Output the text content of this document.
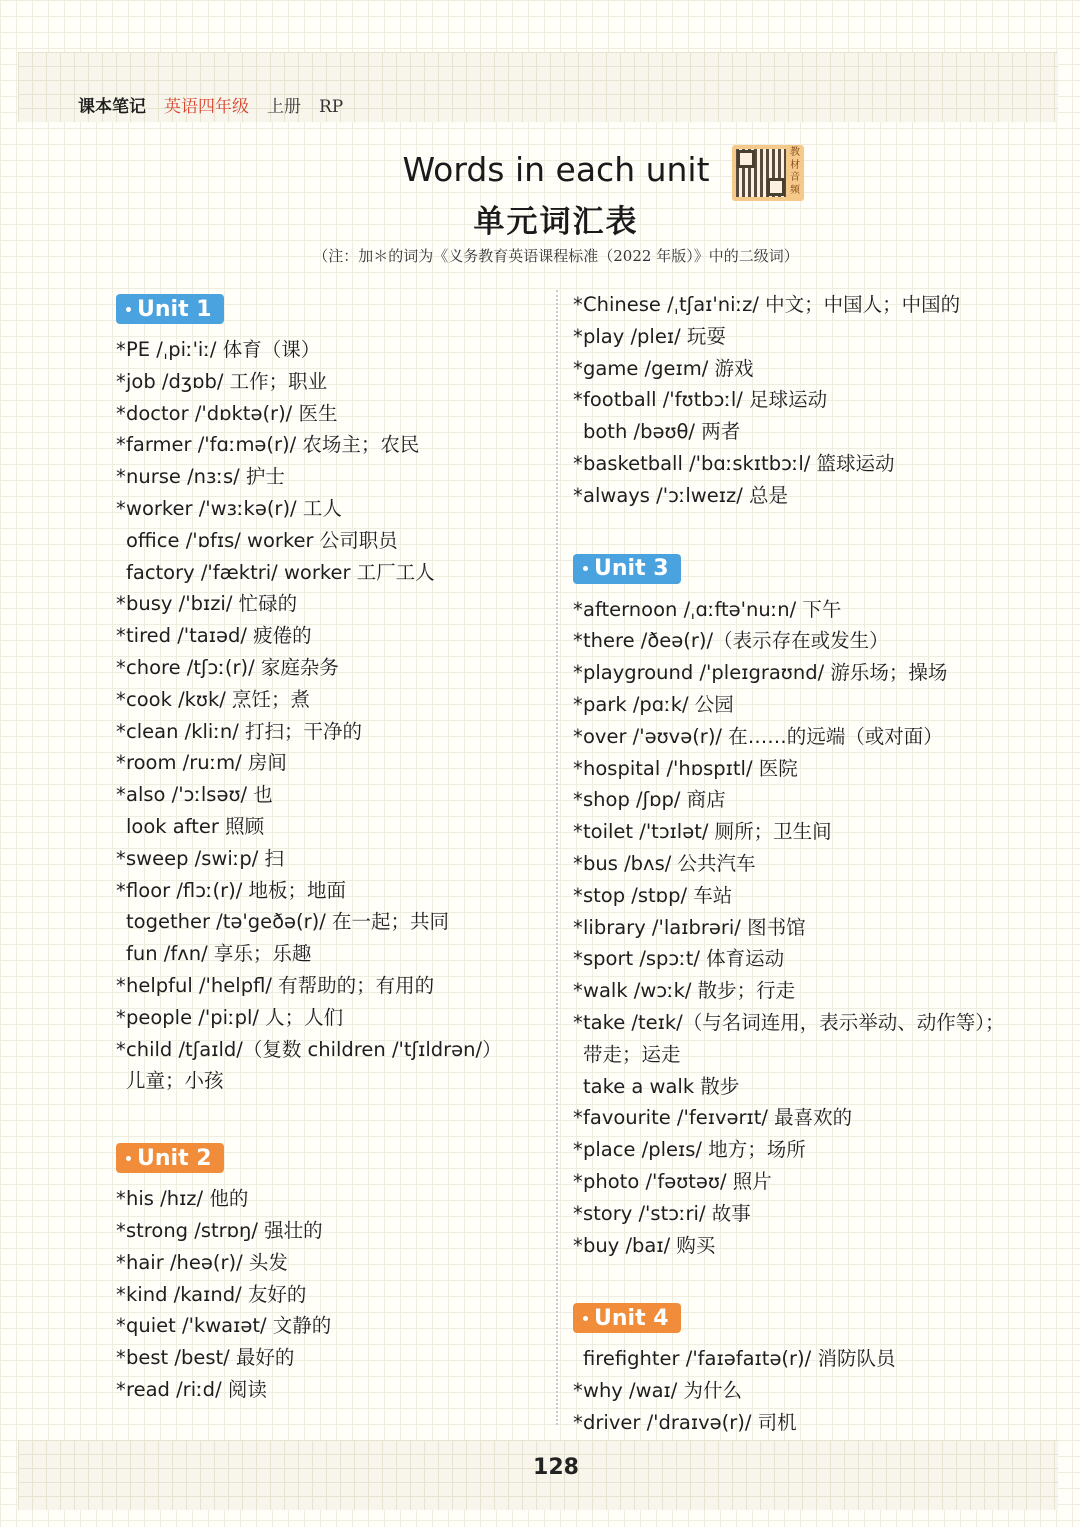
课本笔记 英语四年级 上册 RP
Words in each unit
单元词汇表
（注：加＊的词为《义务教育英语课程标准（2022 年版）》中的二级词）
教材音频
Unit 1
*PE /ˌpiː'iː/ 体育（课）
*job /dʒɒb/ 工作；职业
*doctor /'dɒktə(r)/ 医生
*farmer /'fɑːmə(r)/ 农场主；农民
*nurse /nɜːs/ 护士
*worker /'wɜːkə(r)/ 工人
office /'ɒfɪs/ worker 公司职员
factory /'fæktri/ worker 工厂工人
*busy /'bɪzi/ 忙碌的
*tired /'taɪəd/ 疲倦的
*chore /tʃɔː(r)/ 家庭杂务
*cook /kʊk/ 烹饪；煮
*clean /kliːn/ 打扫；干净的
*room /ruːm/ 房间
*also /'ɔːlsəʊ/ 也
look after 照顾
*sweep /swiːp/ 扫
*floor /flɔː(r)/ 地板；地面
together /tə'geðə(r)/ 在一起；共同
fun /fʌn/ 享乐；乐趣
*helpful /'helpfl/ 有帮助的；有用的
*people /'piːpl/ 人；人们
*child /tʃaɪld/（复数 children /'tʃɪldrən/）
儿童；小孩
Unit 2
*his /hɪz/ 他的
*strong /strɒŋ/ 强壮的
*hair /heə(r)/ 头发
*kind /kaɪnd/ 友好的
*quiet /'kwaɪət/ 文静的
*best /best/ 最好的
*read /riːd/ 阅读
*Chinese /ˌtʃaɪ'niːz/ 中文；中国人；中国的
*play /pleɪ/ 玩耍
*game /geɪm/ 游戏
*football /'fʊtbɔːl/ 足球运动
both /bəʊθ/ 两者
*basketball /'bɑːskɪtbɔːl/ 篮球运动
*always /'ɔːlweɪz/ 总是
Unit 3
*afternoon /ˌɑːftə'nuːn/ 下午
*there /ðeə(r)/（表示存在或发生）
*playground /'pleɪgraʊnd/ 游乐场；操场
*park /pɑːk/ 公园
*over /'əʊvə(r)/ 在……的远端（或对面）
*hospital /'hɒspɪtl/ 医院
*shop /ʃɒp/ 商店
*toilet /'tɔɪlət/ 厕所；卫生间
*bus /bʌs/ 公共汽车
*stop /stɒp/ 车站
*library /'laɪbrəri/ 图书馆
*sport /spɔːt/ 体育运动
*walk /wɔːk/ 散步；行走
*take /teɪk/（与名词连用，表示举动、动作等）；
带走；运走
take a walk 散步
*favourite /'feɪvərɪt/ 最喜欢的
*place /pleɪs/ 地方；场所
*photo /'fəʊtəʊ/ 照片
*story /'stɔːri/ 故事
*buy /baɪ/ 购买
Unit 4
firefighter /'faɪəfaɪtə(r)/ 消防队员
*why /waɪ/ 为什么
*driver /'draɪvə(r)/ 司机
128
